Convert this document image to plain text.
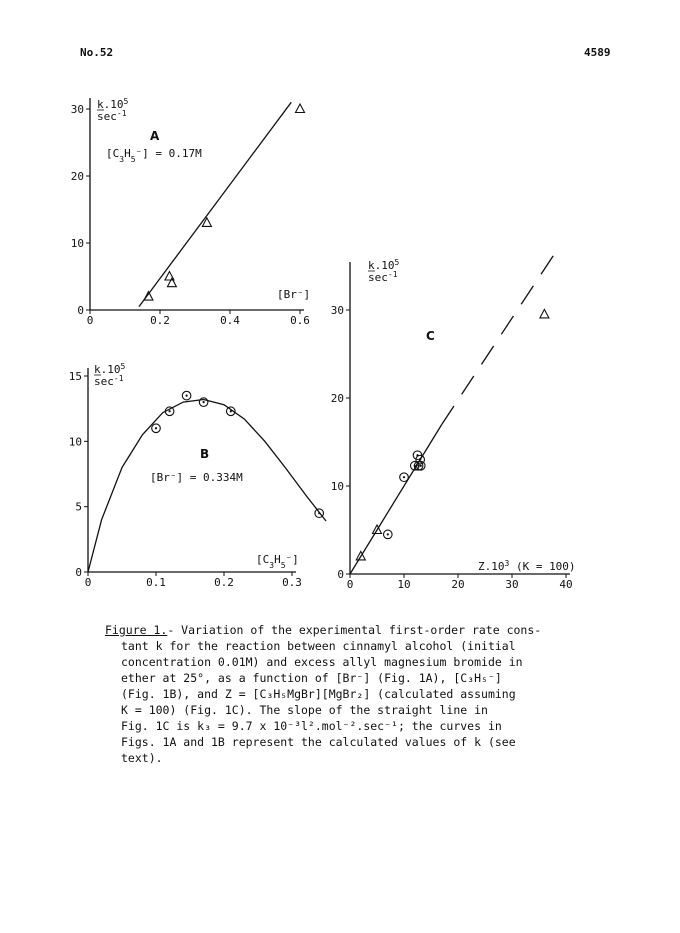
No.52	4589
0	0.2	0.4	0.6
0
10
20
30 $k.10^5$
$\sec^{-1}$
A
$[C_3H_5^-] = 0.17M$
[Br⁻]
0	0.1	0.2	0.3
0
5
10
15
$k.10^5$
$\sec^{-1}$
B
[Br⁻] = 0.334M
$[C_3H_5^-]$
0	10	20	30	40
0
10
20
30
$k.10^5$
$\sec^{-1}$
C
$Z.10^3$ (K = 100)
Figure 1.- Variation of the experimental first-order rate cons-
tant k for the reaction between cinnamyl alcohol (initial
concentration 0.01M) and excess allyl magnesium bromide in
ether at 25°, as a function of [Br⁻] (Fig. 1A), [C₃H₅⁻]
(Fig. 1B), and Z = [C₃H₅MgBr][MgBr₂] (calculated assuming
K = 100) (Fig. 1C). The slope of the straight line in
Fig. 1C is k₃ = 9.7 x 10⁻³l².mol⁻².sec⁻¹; the curves in
Figs. 1A and 1B represent the calculated values of k (see
text).
